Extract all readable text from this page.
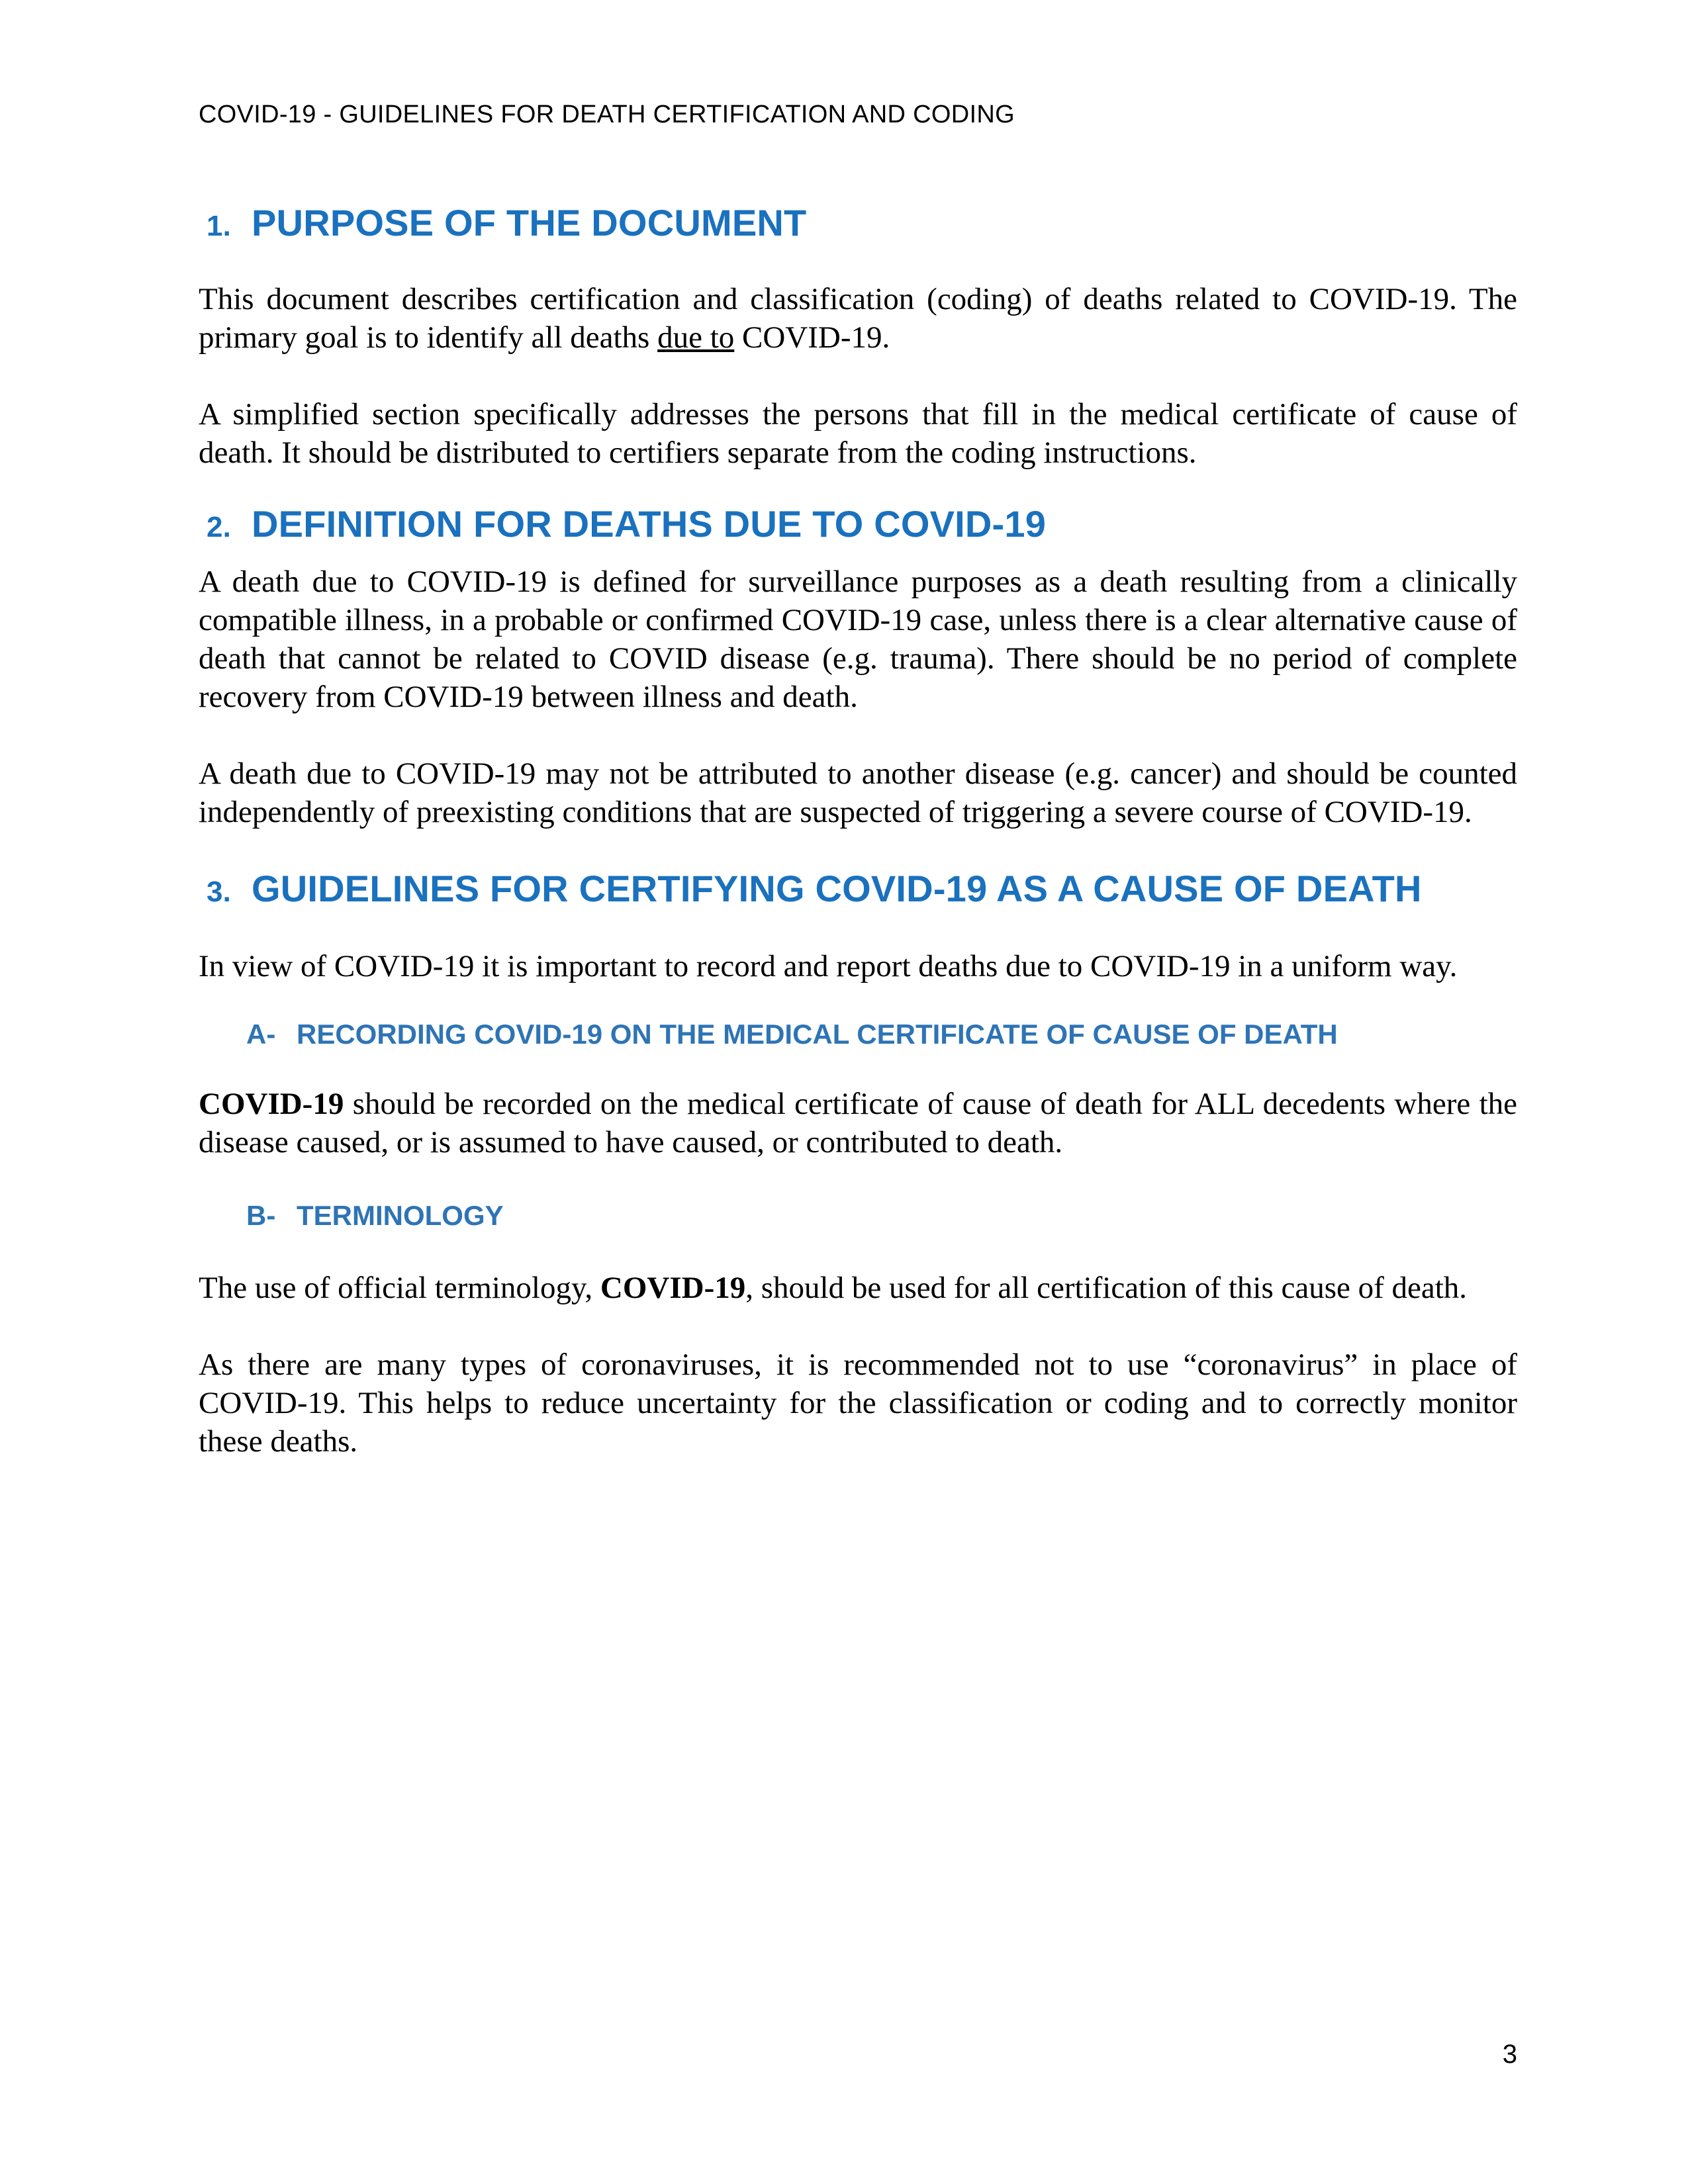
COVID-19 - GUIDELINES FOR DEATH CERTIFICATION AND CODING
1. PURPOSE OF THE DOCUMENT

This document describes certification and classification (coding) of deaths related to COVID-19. The primary goal is to identify all deaths due to COVID-19.

A simplified section specifically addresses the persons that fill in the medical certificate of cause of death. It should be distributed to certifiers separate from the coding instructions.

2. DEFINITION FOR DEATHS DUE TO COVID-19

A death due to COVID-19 is defined for surveillance purposes as a death resulting from a clinically compatible illness, in a probable or confirmed COVID-19 case, unless there is a clear alternative cause of death that cannot be related to COVID disease (e.g. trauma). There should be no period of complete recovery from COVID-19 between illness and death.

A death due to COVID-19 may not be attributed to another disease (e.g. cancer) and should be counted independently of preexisting conditions that are suspected of triggering a severe course of COVID-19.

3. GUIDELINES FOR CERTIFYING COVID-19 AS A CAUSE OF DEATH

In view of COVID-19 it is important to record and report deaths due to COVID-19 in a uniform way.

A- RECORDING COVID-19 ON THE MEDICAL CERTIFICATE OF CAUSE OF DEATH

COVID-19 should be recorded on the medical certificate of cause of death for ALL decedents where the disease caused, or is assumed to have caused, or contributed to death.

B- TERMINOLOGY

The use of official terminology, COVID-19, should be used for all certification of this cause of death.

As there are many types of coronaviruses, it is recommended not to use “coronavirus” in place of COVID-19. This helps to reduce uncertainty for the classification or coding and to correctly monitor these deaths.

3
